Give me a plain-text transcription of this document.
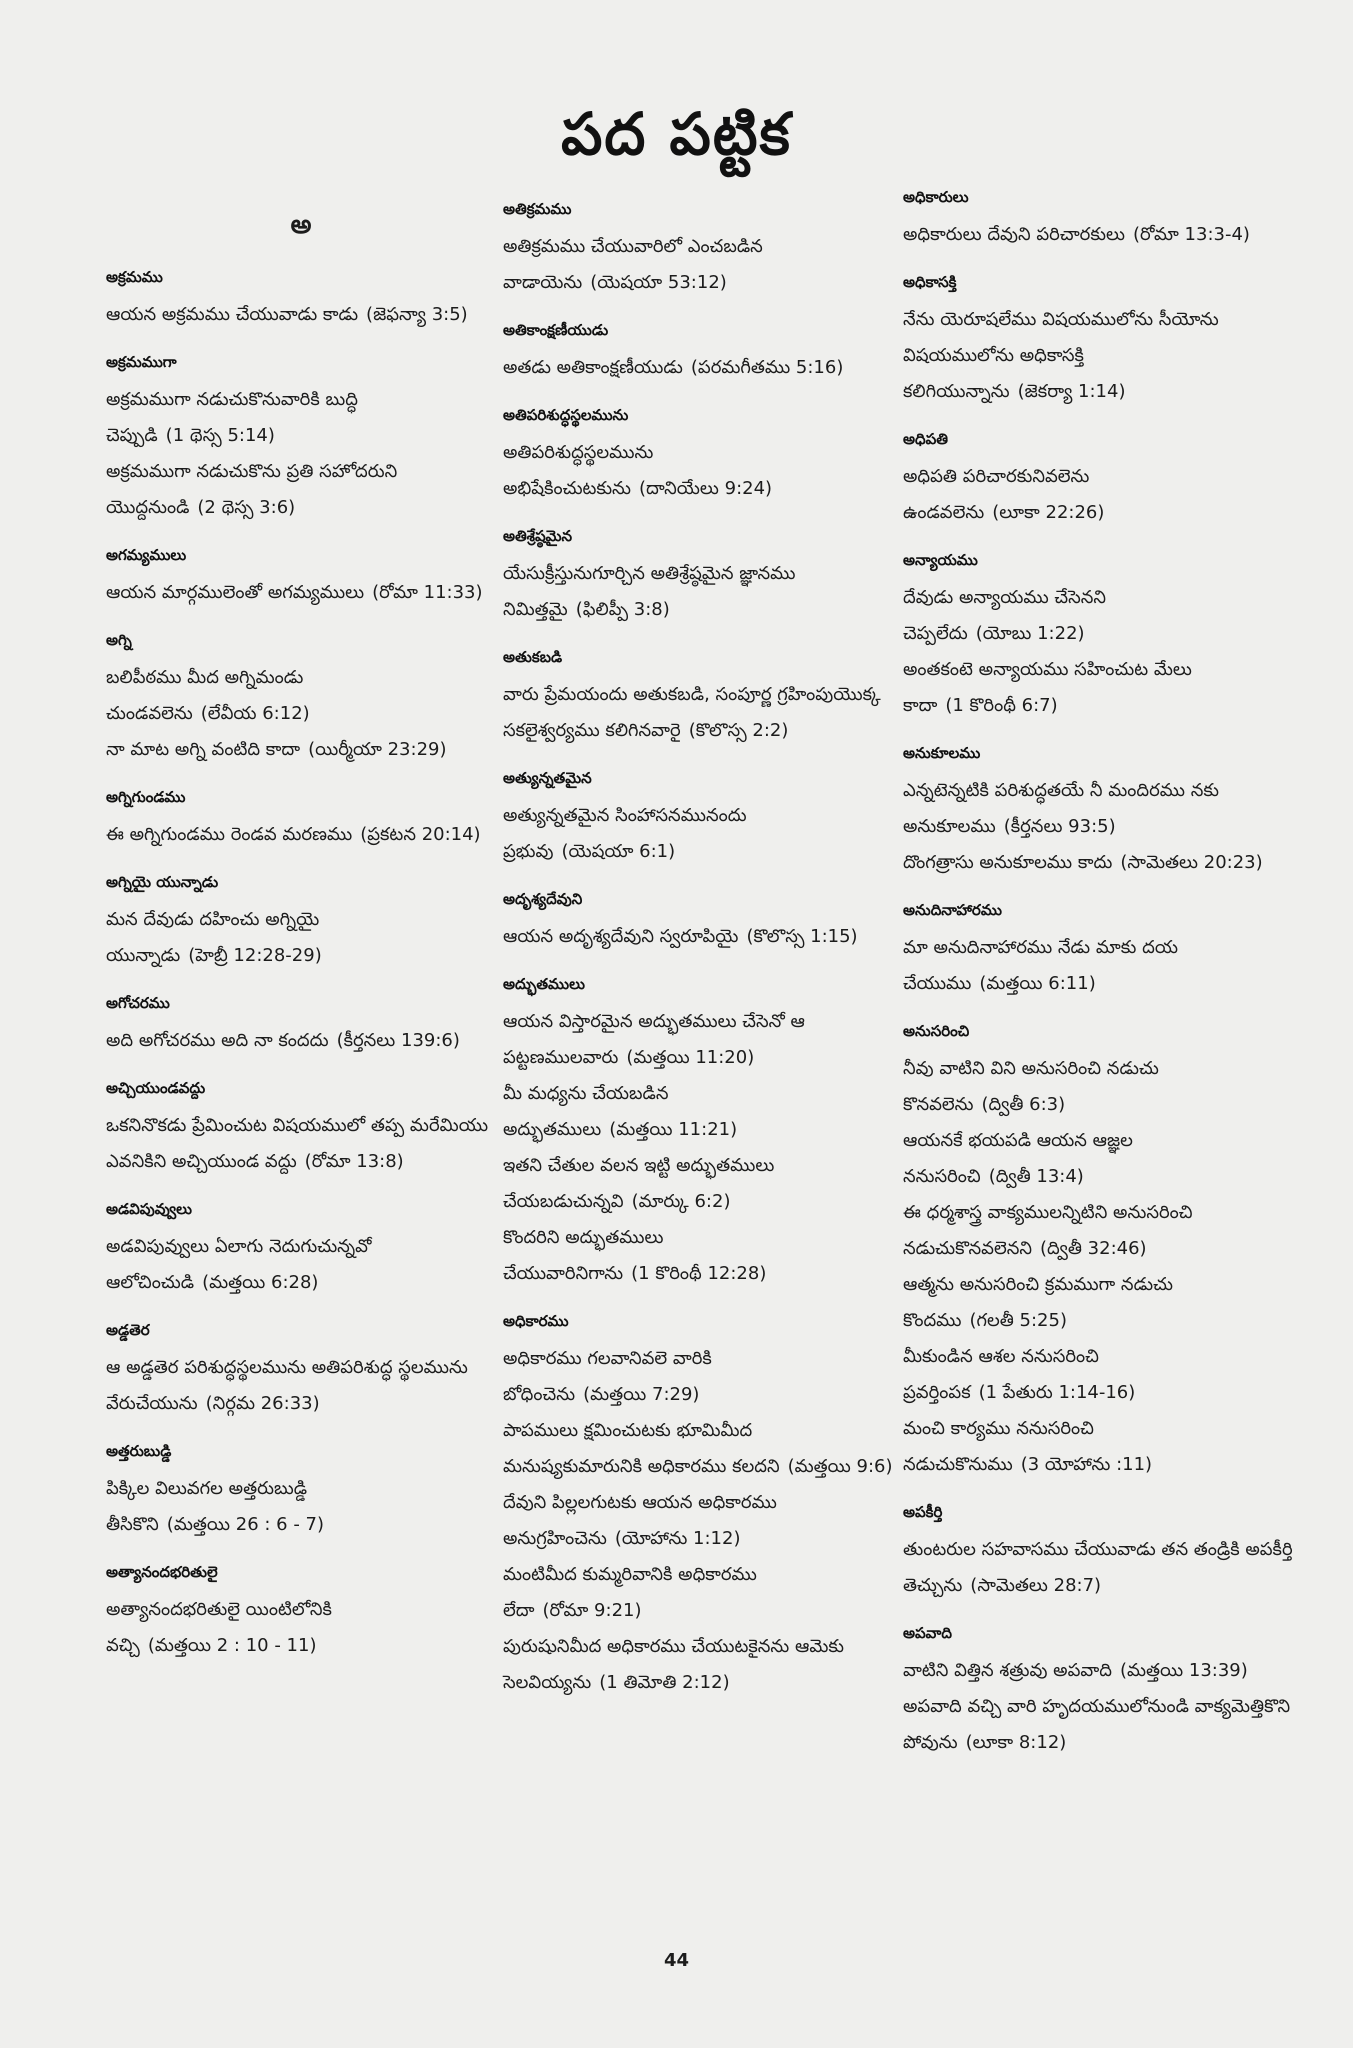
పద పట్టిక
అ
అక్రమము
ఆయన అక్రమము చేయువాడు కాడు (జెఫన్యా 3:5)
అక్రమముగా
అక్రమముగా నడుచుకొనువారికి బుద్ధి చెప్పుడి (1 థెస్స 5:14)
అక్రమముగా నడుచుకొను ప్రతి సహోదరుని యొద్దనుండి (2 థెస్స 3:6)
అగమ్యములు
ఆయన మార్గములెంతో అగమ్యములు (రోమా 11:33)
అగ్ని
బలిపీఠము మీద అగ్నిమండు చుండవలెను (లేవీయ 6:12)
నా మాట అగ్ని వంటిది కాదా (యిర్మీయా 23:29)
అగ్నిగుండము
ఈ అగ్నిగుండము రెండవ మరణము (ప్రకటన 20:14)
అగ్నియై యున్నాడు
మన దేవుడు దహించు అగ్నియై యున్నాడు (హెబ్రీ 12:28-29)
అగోచరము
అది అగోచరము అది నా కందదు (కీర్తనలు 139:6)
అచ్చియుండవద్దు
ఒకనినొకడు ప్రేమించుట విషయములో తప్ప మరేమియు ఎవనికిని అచ్చియుండ వద్దు (రోమా 13:8)
అడవిపువ్వులు
అడవిపువ్వులు ఏలాగు నెదుగుచున్నవో ఆలోచించుడి (మత్తయి 6:28)
అడ్డతెర
ఆ అడ్డతెర పరిశుద్ధస్థలమును అతిపరిశుద్ధ స్థలమును వేరుచేయును (నిర్గమ 26:33)
అత్తరుబుడ్డి
పిక్కిల విలువగల అత్తరుబుడ్డి తీసికొని (మత్తయి 26 : 6 - 7)
అత్యానందభరితులై
అత్యానందభరితులై యింటిలోనికి వచ్చి (మత్తయి 2 : 10 - 11)
అతిక్రమము
అతిక్రమము చేయువారిలో ఎంచబడిన వాడాయెను (యెషయా 53:12)
అతికాంక్షణీయుడు
అతడు అతికాంక్షణీయుడు (పరమగీతము 5:16)
అతిపరిశుద్ధస్థలమును
అతిపరిశుద్ధస్థలమును అభిషేకించుటకును (దానియేలు 9:24)
అతిశ్రేష్ఠమైన
యేసుక్రీస్తునుగూర్చిన అతిశ్రేష్ఠమైన జ్ఞానము నిమిత్తమై (ఫిలిప్పీ 3:8)
అతుకబడి
వారు ప్రేమయందు అతుకబడి, సంపూర్ణ గ్రహింపుయొక్క సకలైశ్వర్యము కలిగినవారై (కొలొస్స 2:2)
అత్యున్నతమైన
అత్యున్నతమైన సింహాసనమునందు ప్రభువు (యెషయా 6:1)
అదృశ్యదేవుని
ఆయన అదృశ్యదేవుని స్వరూపియై (కొలొస్స 1:15)
అద్భుతములు
ఆయన విస్తారమైన అద్భుతములు చేసెనో ఆ పట్టణములవారు (మత్తయి 11:20)
మీ మధ్యను చేయబడిన అద్భుతములు (మత్తయి 11:21)
ఇతని చేతుల వలన ఇట్టి అద్భుతములు చేయబడుచున్నవి (మార్కు 6:2)
కొందరిని అద్భుతములు చేయువారినిగాను (1 కొరింథీ 12:28)
అధికారము
అధికారము గలవానివలె వారికి బోధించెను (మత్తయి 7:29)
పాపములు క్షమించుటకు భూమిమీద మనుష్యకుమారునికి అధికారము కలదని (మత్తయి 9:6)
దేవుని పిల్లలగుటకు ఆయన అధికారము అనుగ్రహించెను (యోహాను 1:12)
మంటిమీద కుమ్మరివానికి అధికారము లేదా (రోమా 9:21)
పురుషునిమీద అధికారము చేయుటకైనను ఆమెకు సెలవియ్యను (1 తిమోతి 2:12)
అధికారులు
అధికారులు దేవుని పరిచారకులు (రోమా 13:3-4)
అధికాసక్తి
నేను యెరూషలేము విషయములోను సీయోను విషయములోను అధికాసక్తి కలిగియున్నాను (జెకర్యా 1:14)
అధిపతి
అధిపతి పరిచారకునివలెను ఉండవలెను (లూకా 22:26)
అన్యాయము
దేవుడు అన్యాయము చేసెనని చెప్పలేదు (యోబు 1:22)
అంతకంటె అన్యాయము సహించుట మేలు కాదా (1 కొరింథీ 6:7)
అనుకూలము
ఎన్నటెన్నటికి పరిశుద్ధతయే నీ మందిరము నకు అనుకూలము (కీర్తనలు 93:5)
దొంగత్రాసు అనుకూలము కాదు (సామెతలు 20:23)
అనుదినాహారము
మా అనుదినాహారము నేడు మాకు దయ చేయుము (మత్తయి 6:11)
అనుసరించి
నీవు వాటిని విని అనుసరించి నడుచు కొనవలెను (ద్వితీ 6:3)
ఆయనకే భయపడి ఆయన ఆజ్ఞల ననుసరించి (ద్వితీ 13:4)
ఈ ధర్మశాస్త్ర వాక్యములన్నిటిని అనుసరించి నడుచుకొనవలెనని (ద్వితీ 32:46)
ఆత్మను అనుసరించి క్రమముగా నడుచు కొందము (గలతీ 5:25)
మీకుండిన ఆశల ననుసరించి ప్రవర్తింపక (1 పేతురు 1:14-16)
మంచి కార్యము ననుసరించి నడుచుకొనుము (3 యోహాను :11)
అపకీర్తి
తుంటరుల సహవాసము చేయువాడు తన తండ్రికి అపకీర్తి తెచ్చును (సామెతలు 28:7)
అపవాది
వాటిని విత్తిన శత్రువు అపవాది (మత్తయి 13:39)
అపవాది వచ్చి వారి హృదయములోనుండి వాక్యమెత్తికొని పోవును (లూకా 8:12)
44
